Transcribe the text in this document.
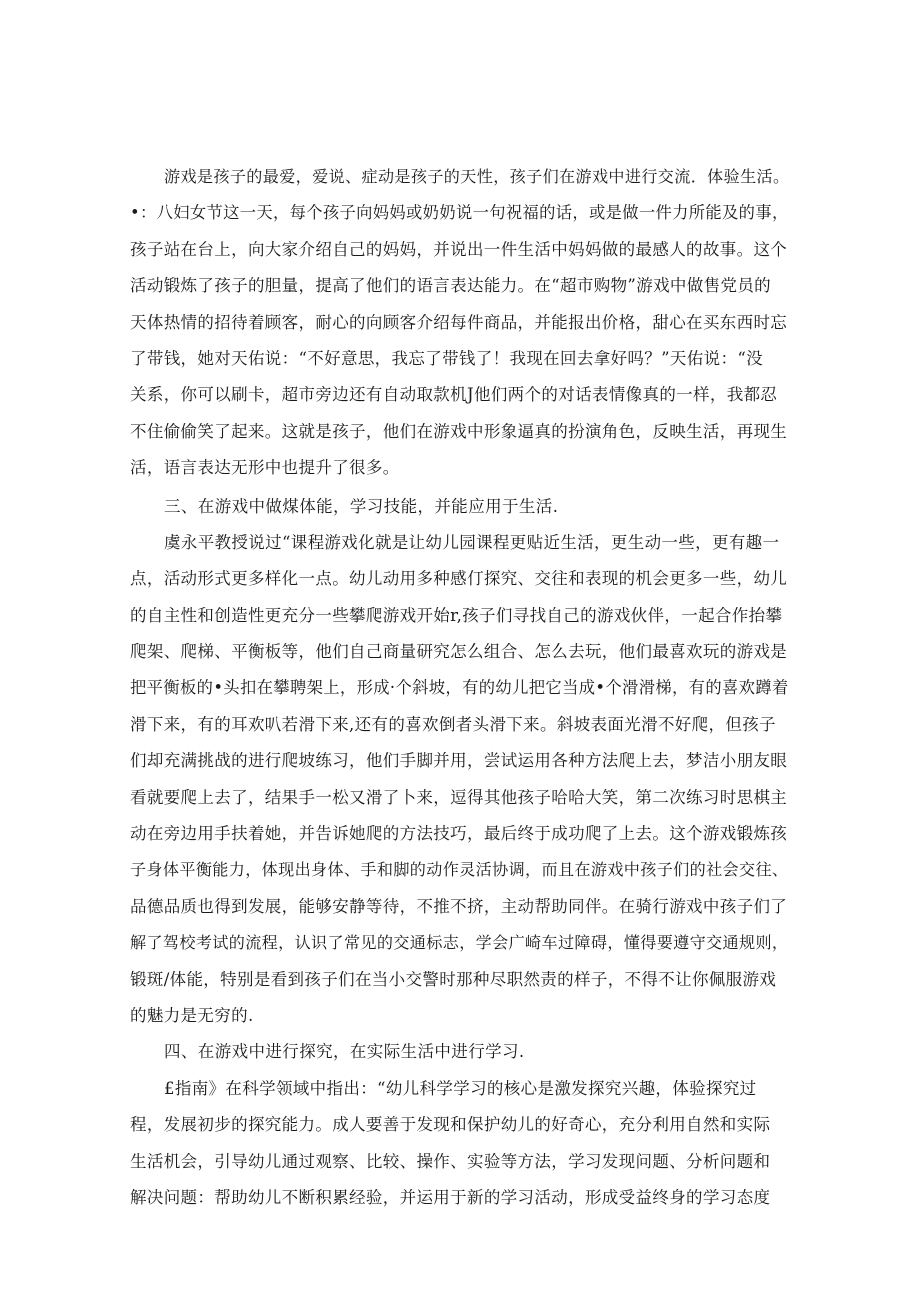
游戏是孩子的最爱，爱说、症动是孩子的天性，孩子们在游戏中进行交流．体验生活。
•：八妇女节这一天，每个孩子向妈妈或奶奶说一句祝福的话，或是做一件力所能及的事，
孩子站在台上，向大家介绍自己的妈妈，并说出一件生活中妈妈做的最感人的故事。这个
活动锻炼了孩子的胆量，提高了他们的语言表达能力。在“超市购物”游戏中做售党员的
天体热情的招待着顾客，耐心的向顾客介绍每件商品，并能报出价格，甜心在买东西时忘
了带钱，她对天佑说：“不好意思，我忘了带钱了！我现在回去拿好吗？”天佑说：“没
关系，你可以刷卡，超市旁边还有自动取款机J他们两个的对话表情像真的一样，我都忍
不住偷偷笑了起来。这就是孩子，他们在游戏中形象逼真的扮演角色，反映生活，再现生
活，语言表达无形中也提升了很多。
三、在游戏中做煤体能，学习技能，并能应用于生活.
虞永平教授说过“课程游戏化就是让幼儿园课程更贴近生活，更生动一些，更有趣一
点，活动形式更多样化一点。幼儿动用多种感仃探究、交往和表现的机会更多一些，幼儿
的自主性和创造性更充分一些攀爬游戏开始r,孩子们寻找自己的游戏伙伴，一起合作抬攀
爬架、爬梯、平衡板等，他们自己商量研究怎么组合、怎么去玩，他们最喜欢玩的游戏是
把平衡板的•头扣在攀聘架上，形成·个斜坡，有的幼儿把它当成•个滑滑梯，有的喜欢蹲着
滑下来，有的耳欢叭若滑下来,还有的喜欢倒者头滑下来。斜坡表面光滑不好爬，但孩子
们却充满挑战的进行爬坡练习，他们手脚并用，尝试运用各种方法爬上去，梦洁小朋友眼
看就要爬上去了，结果手一松又滑了卜来，逗得其他孩子哈哈大笑，第二次练习时思棋主
动在旁边用手扶着她，并告诉她爬的方法技巧，最后终于成功爬了上去。这个游戏锻炼孩
子身体平衡能力，体现出身体、手和脚的动作灵活协调，而且在游戏中孩子们的社会交往、
品德品质也得到发展，能够安静等待，不推不挤，主动帮助同伴。在骑行游戏中孩子们了
解了驾校考试的流程，认识了常见的交通标志，学会广崎车过障碍，懂得要遵守交通规则，
锻斑/体能，特别是看到孩子们在当小交警时那种尽职然责的样子，不得不让你佩服游戏
的魅力是无穷的.
四、在游戏中进行探究，在实际生活中进行学习.
£指南》在科学领域中指出：“幼儿科学学习的核心是激发探究兴趣，体验探究过
程，发展初步的探究能力。成人要善于发现和保护幼儿的好奇心，充分利用自然和实际
生活机会，引导幼儿通过观察、比较、操作、实验等方法，学习发现问题、分析问题和
解决问题：帮助幼儿不断积累经验，并运用于新的学习活动，形成受益终身的学习态度
